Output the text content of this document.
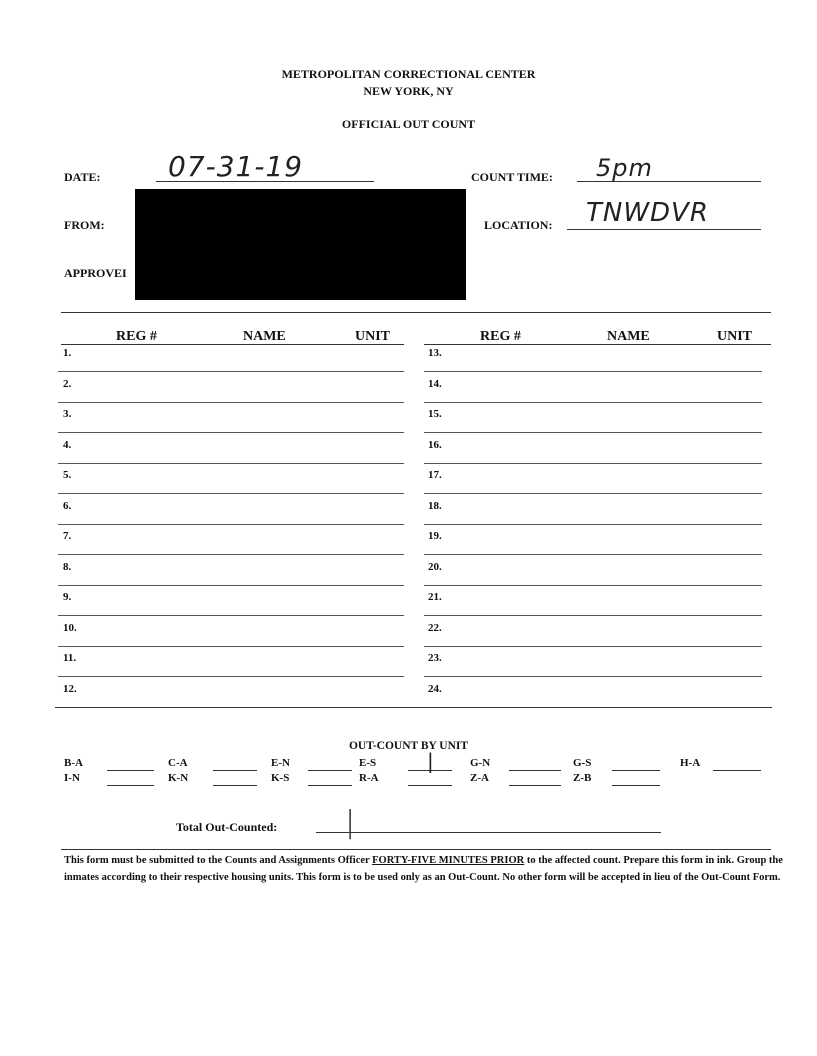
METROPOLITAN CORRECTIONAL CENTER
NEW YORK, NY
OFFICIAL OUT COUNT
DATE: 07-31-19	COUNT TIME: 5pm
FROM:	LOCATION: TNWDVR
APPROVEI
REG #	NAME	UNIT	REG #	NAME	UNIT
1.
2.
3.
4.
5.
6.
7.
8.
9.
10.
11.
12.
13.
14.
15.
16.
17.
18.
19.
20.
21.
22.
23.
24.
OUT-COUNT BY UNIT
B-A	C-A	E-N	E-S	|	G-N	G-S	H-A
I-N	K-N	K-S	R-A	Z-A	Z-B
Total Out-Counted: |
This form must be submitted to the Counts and Assignments Officer FORTY-FIVE MINUTES PRIOR to the affected count. Prepare this form in ink. Group the inmates according to their respective housing units. This form is to be used only as an Out-Count. No other form will be accepted in lieu of the Out-Count Form.
